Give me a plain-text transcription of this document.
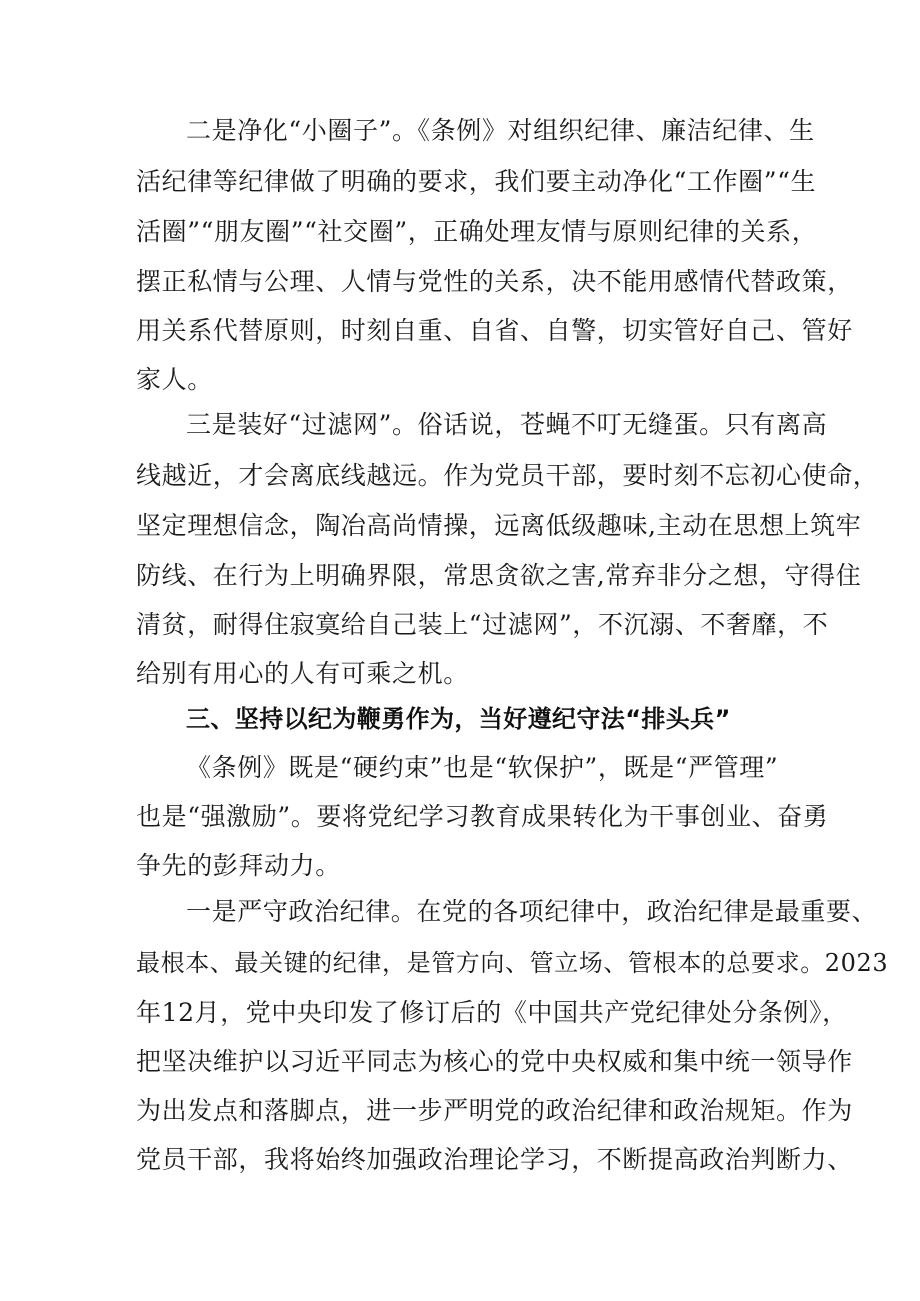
二是净化“小圈子”。《条例》对组织纪律、廉洁纪律、生
活纪律等纪律做了明确的要求，我们要主动净化“工作圈”“生
活圈”“朋友圈”“社交圈”，正确处理友情与原则纪律的关系，
摆正私情与公理、人情与党性的关系，决不能用感情代替政策，
用关系代替原则，时刻自重、自省、自警，切实管好自己、管好
家人。
三是装好“过滤网”。俗话说，苍蝇不叮无缝蛋。只有离高
线越近，才会离底线越远。作为党员干部，要时刻不忘初心使命，
坚定理想信念，陶冶高尚情操，远离低级趣味,主动在思想上筑牢
防线、在行为上明确界限，常思贪欲之害,常弃非分之想，守得住
清贫，耐得住寂寞给自己装上“过滤网”，不沉溺、不奢靡，不
给别有用心的人有可乘之机。
三、坚持以纪为鞭勇作为，当好遵纪守法“排头兵”
《条例》既是“硬约束”也是“软保护”，既是“严管理”
也是“强激励”。要将党纪学习教育成果转化为干事创业、奋勇
争先的彭拜动力。
一是严守政治纪律。在党的各项纪律中，政治纪律是最重要、
最根本、最关键的纪律，是管方向、管立场、管根本的总要求。2023
年12月，党中央印发了修订后的《中国共产党纪律处分条例》，
把坚决维护以习近平同志为核心的党中央权威和集中统一领导作
为出发点和落脚点，进一步严明党的政治纪律和政治规矩。作为
党员干部，我将始终加强政治理论学习，不断提高政治判断力、
